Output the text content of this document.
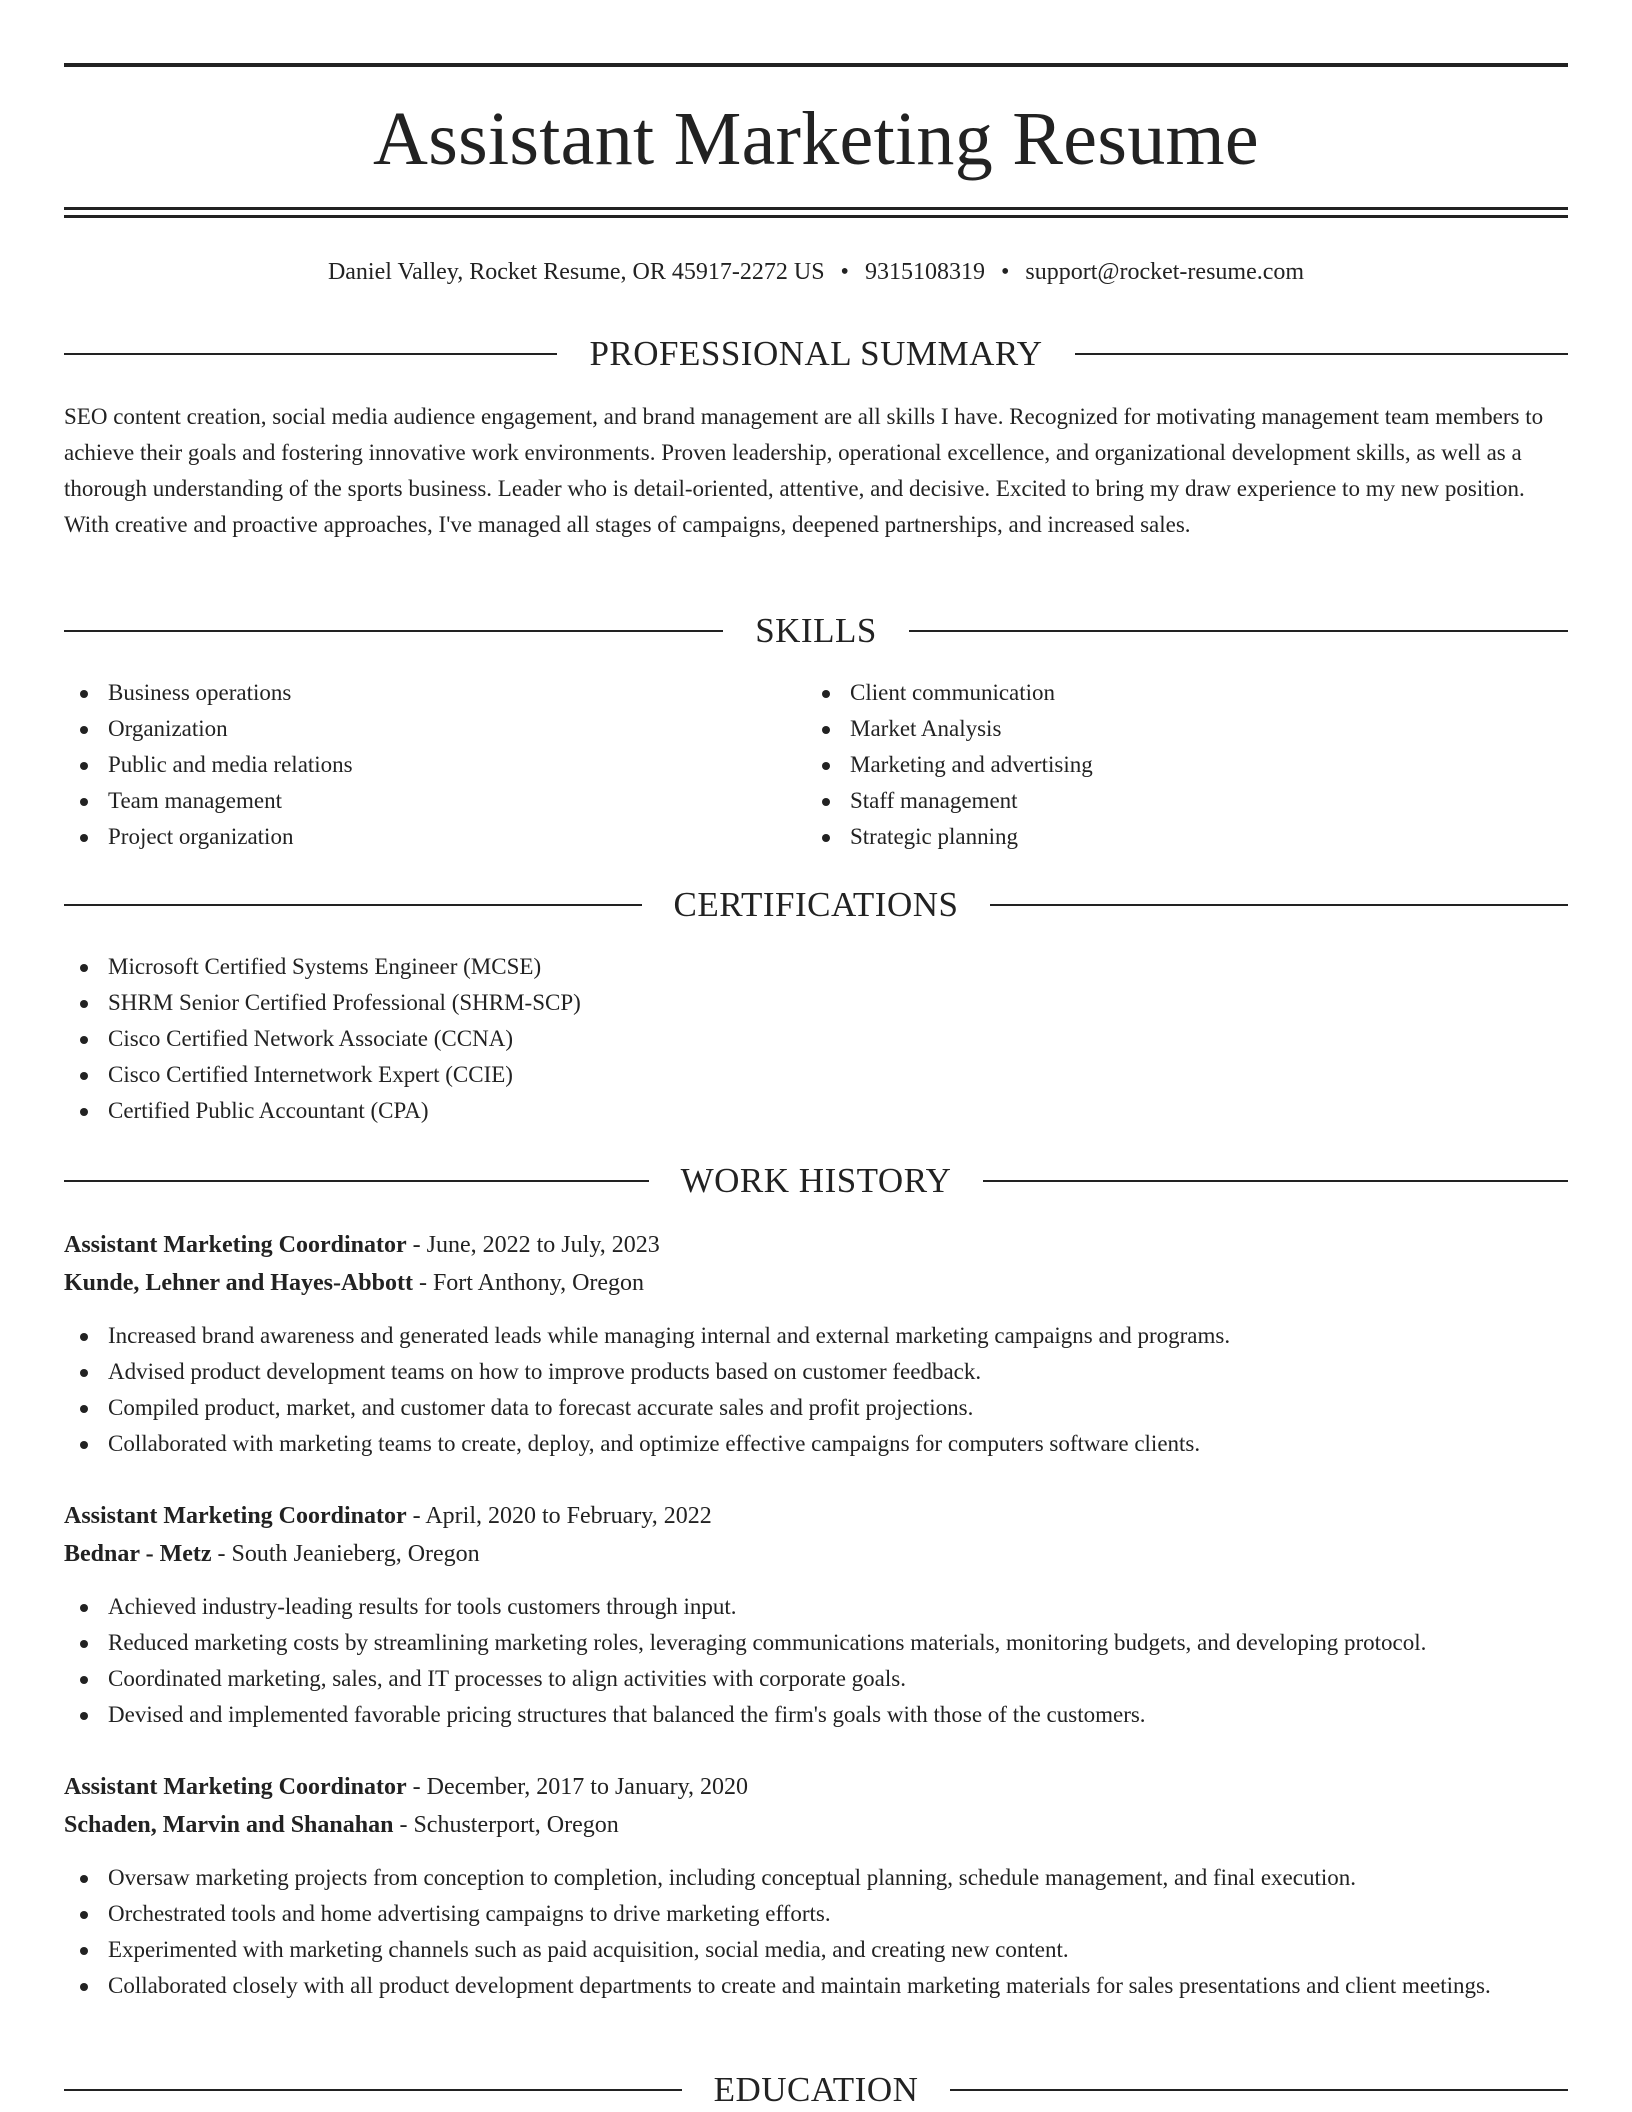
Assistant Marketing Resume
Daniel Valley, Rocket Resume, OR 45917-2272 US • 9315108319 • support@rocket-resume.com
PROFESSIONAL SUMMARY

SEO content creation, social media audience engagement, and brand management are all skills I have. Recognized for motivating management team members to achieve their goals and fostering innovative work environments. Proven leadership, operational excellence, and organizational development skills, as well as a thorough understanding of the sports business. Leader who is detail-oriented, attentive, and decisive. Excited to bring my draw experience to my new position. With creative and proactive approaches, I've managed all stages of campaigns, deepened partnerships, and increased sales.

SKILLS
Business operations
Organization
Public and media relations
Team management
Project organization
Client communication
Market Analysis
Marketing and advertising
Staff management
Strategic planning
CERTIFICATIONS
Microsoft Certified Systems Engineer (MCSE)
SHRM Senior Certified Professional (SHRM-SCP)
Cisco Certified Network Associate (CCNA)
Cisco Certified Internetwork Expert (CCIE)
Certified Public Accountant (CPA)
WORK HISTORY
Assistant Marketing Coordinator - June, 2022 to July, 2023
Kunde, Lehner and Hayes-Abbott - Fort Anthony, Oregon
Increased brand awareness and generated leads while managing internal and external marketing campaigns and programs.
Advised product development teams on how to improve products based on customer feedback.
Compiled product, market, and customer data to forecast accurate sales and profit projections.
Collaborated with marketing teams to create, deploy, and optimize effective campaigns for computers software clients.
Assistant Marketing Coordinator - April, 2020 to February, 2022
Bednar - Metz - South Jeanieberg, Oregon
Achieved industry-leading results for tools customers through input.
Reduced marketing costs by streamlining marketing roles, leveraging communications materials, monitoring budgets, and developing protocol.
Coordinated marketing, sales, and IT processes to align activities with corporate goals.
Devised and implemented favorable pricing structures that balanced the firm's goals with those of the customers.
Assistant Marketing Coordinator - December, 2017 to January, 2020
Schaden, Marvin and Shanahan - Schusterport, Oregon
Oversaw marketing projects from conception to completion, including conceptual planning, schedule management, and final execution.
Orchestrated tools and home advertising campaigns to drive marketing efforts.
Experimented with marketing channels such as paid acquisition, social media, and creating new content.
Collaborated closely with all product development departments to create and maintain marketing materials for sales presentations and client meetings.
EDUCATION
